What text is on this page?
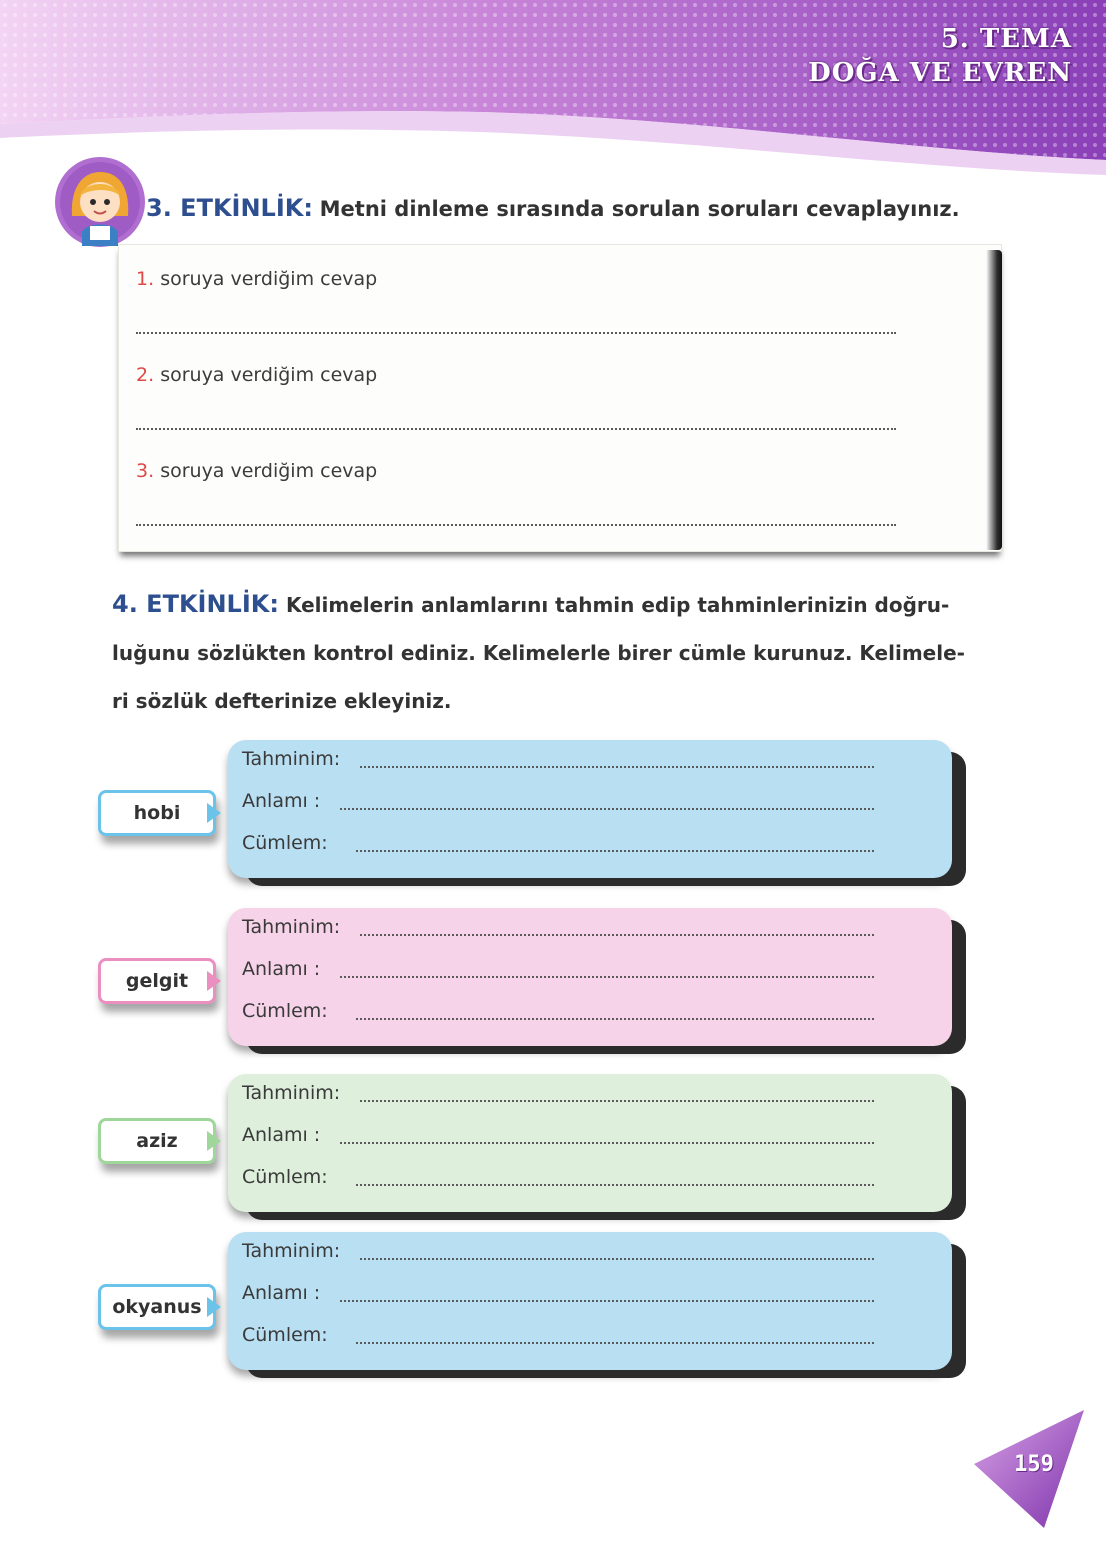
5. TEMA
DOĞA VE EVREN
3. ETKİNLİK: Metni dinleme sırasında sorulan soruları cevaplayınız.
1. soruya verdiğim cevap
2. soruya verdiğim cevap
3. soruya verdiğim cevap
4. ETKİNLİK: Kelimelerin anlamlarını tahmin edip tahminlerinizin doğru-
luğunu sözlükten kontrol ediniz. Kelimelerle birer cümle kurunuz. Kelimele-
ri sözlük defterinize ekleyiniz.
hobi
Tahminim:
Anlamı :
Cümlem:
gelgit
Tahminim:
Anlamı :
Cümlem:
aziz
Tahminim:
Anlamı :
Cümlem:
okyanus
Tahminim:
Anlamı :
Cümlem:
159
